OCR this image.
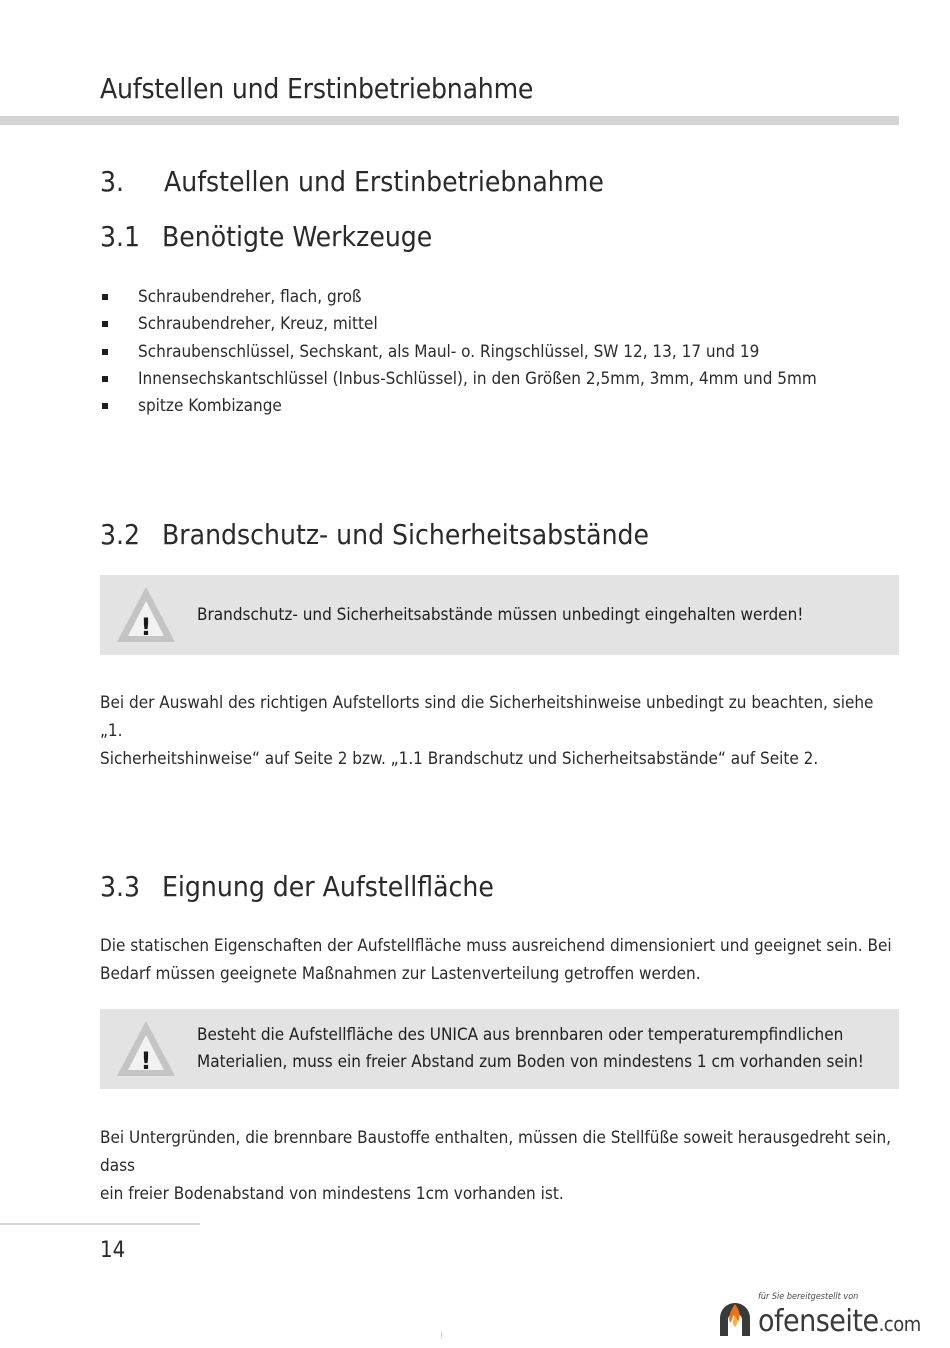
Aufstellen und Erstinbetriebnahme
3. Aufstellen und Erstinbetriebnahme
3.1 Benötigte Werkzeuge
Schraubendreher, flach, groß
Schraubendreher, Kreuz, mittel
Schraubenschlüssel, Sechskant, als Maul- o. Ringschlüssel, SW 12, 13, 17 und 19
Innensechskantschlüssel (Inbus-Schlüssel), in den Größen 2,5mm, 3mm, 4mm und 5mm
spitze Kombizange
3.2 Brandschutz- und Sicherheitsabstände
!	Brandschutz- und Sicherheitsabstände müssen unbedingt eingehalten werden!
Bei der Auswahl des richtigen Aufstellorts sind die Sicherheitshinweise unbedingt zu beachten, siehe „1.
Sicherheitshinweise“ auf Seite 2 bzw. „1.1 Brandschutz und Sicherheitsabstände“ auf Seite 2.
3.3 Eignung der Aufstellfläche
Die statischen Eigenschaften der Aufstellfläche muss ausreichend dimensioniert und geeignet sein. Bei
Bedarf müssen geeignete Maßnahmen zur Lastenverteilung getroffen werden.
!
Besteht die Aufstellfläche des UNICA aus brennbaren oder temperaturempfindlichen
Materialien, muss ein freier Abstand zum Boden von mindestens 1 cm vorhanden sein!
Bei Untergründen, die brennbare Baustoffe enthalten, müssen die Stellfüße soweit herausgedreht sein, dass
ein freier Bodenabstand von mindestens 1cm vorhanden ist.
14
für Sie bereitgestellt von
ofenseite.com
!
